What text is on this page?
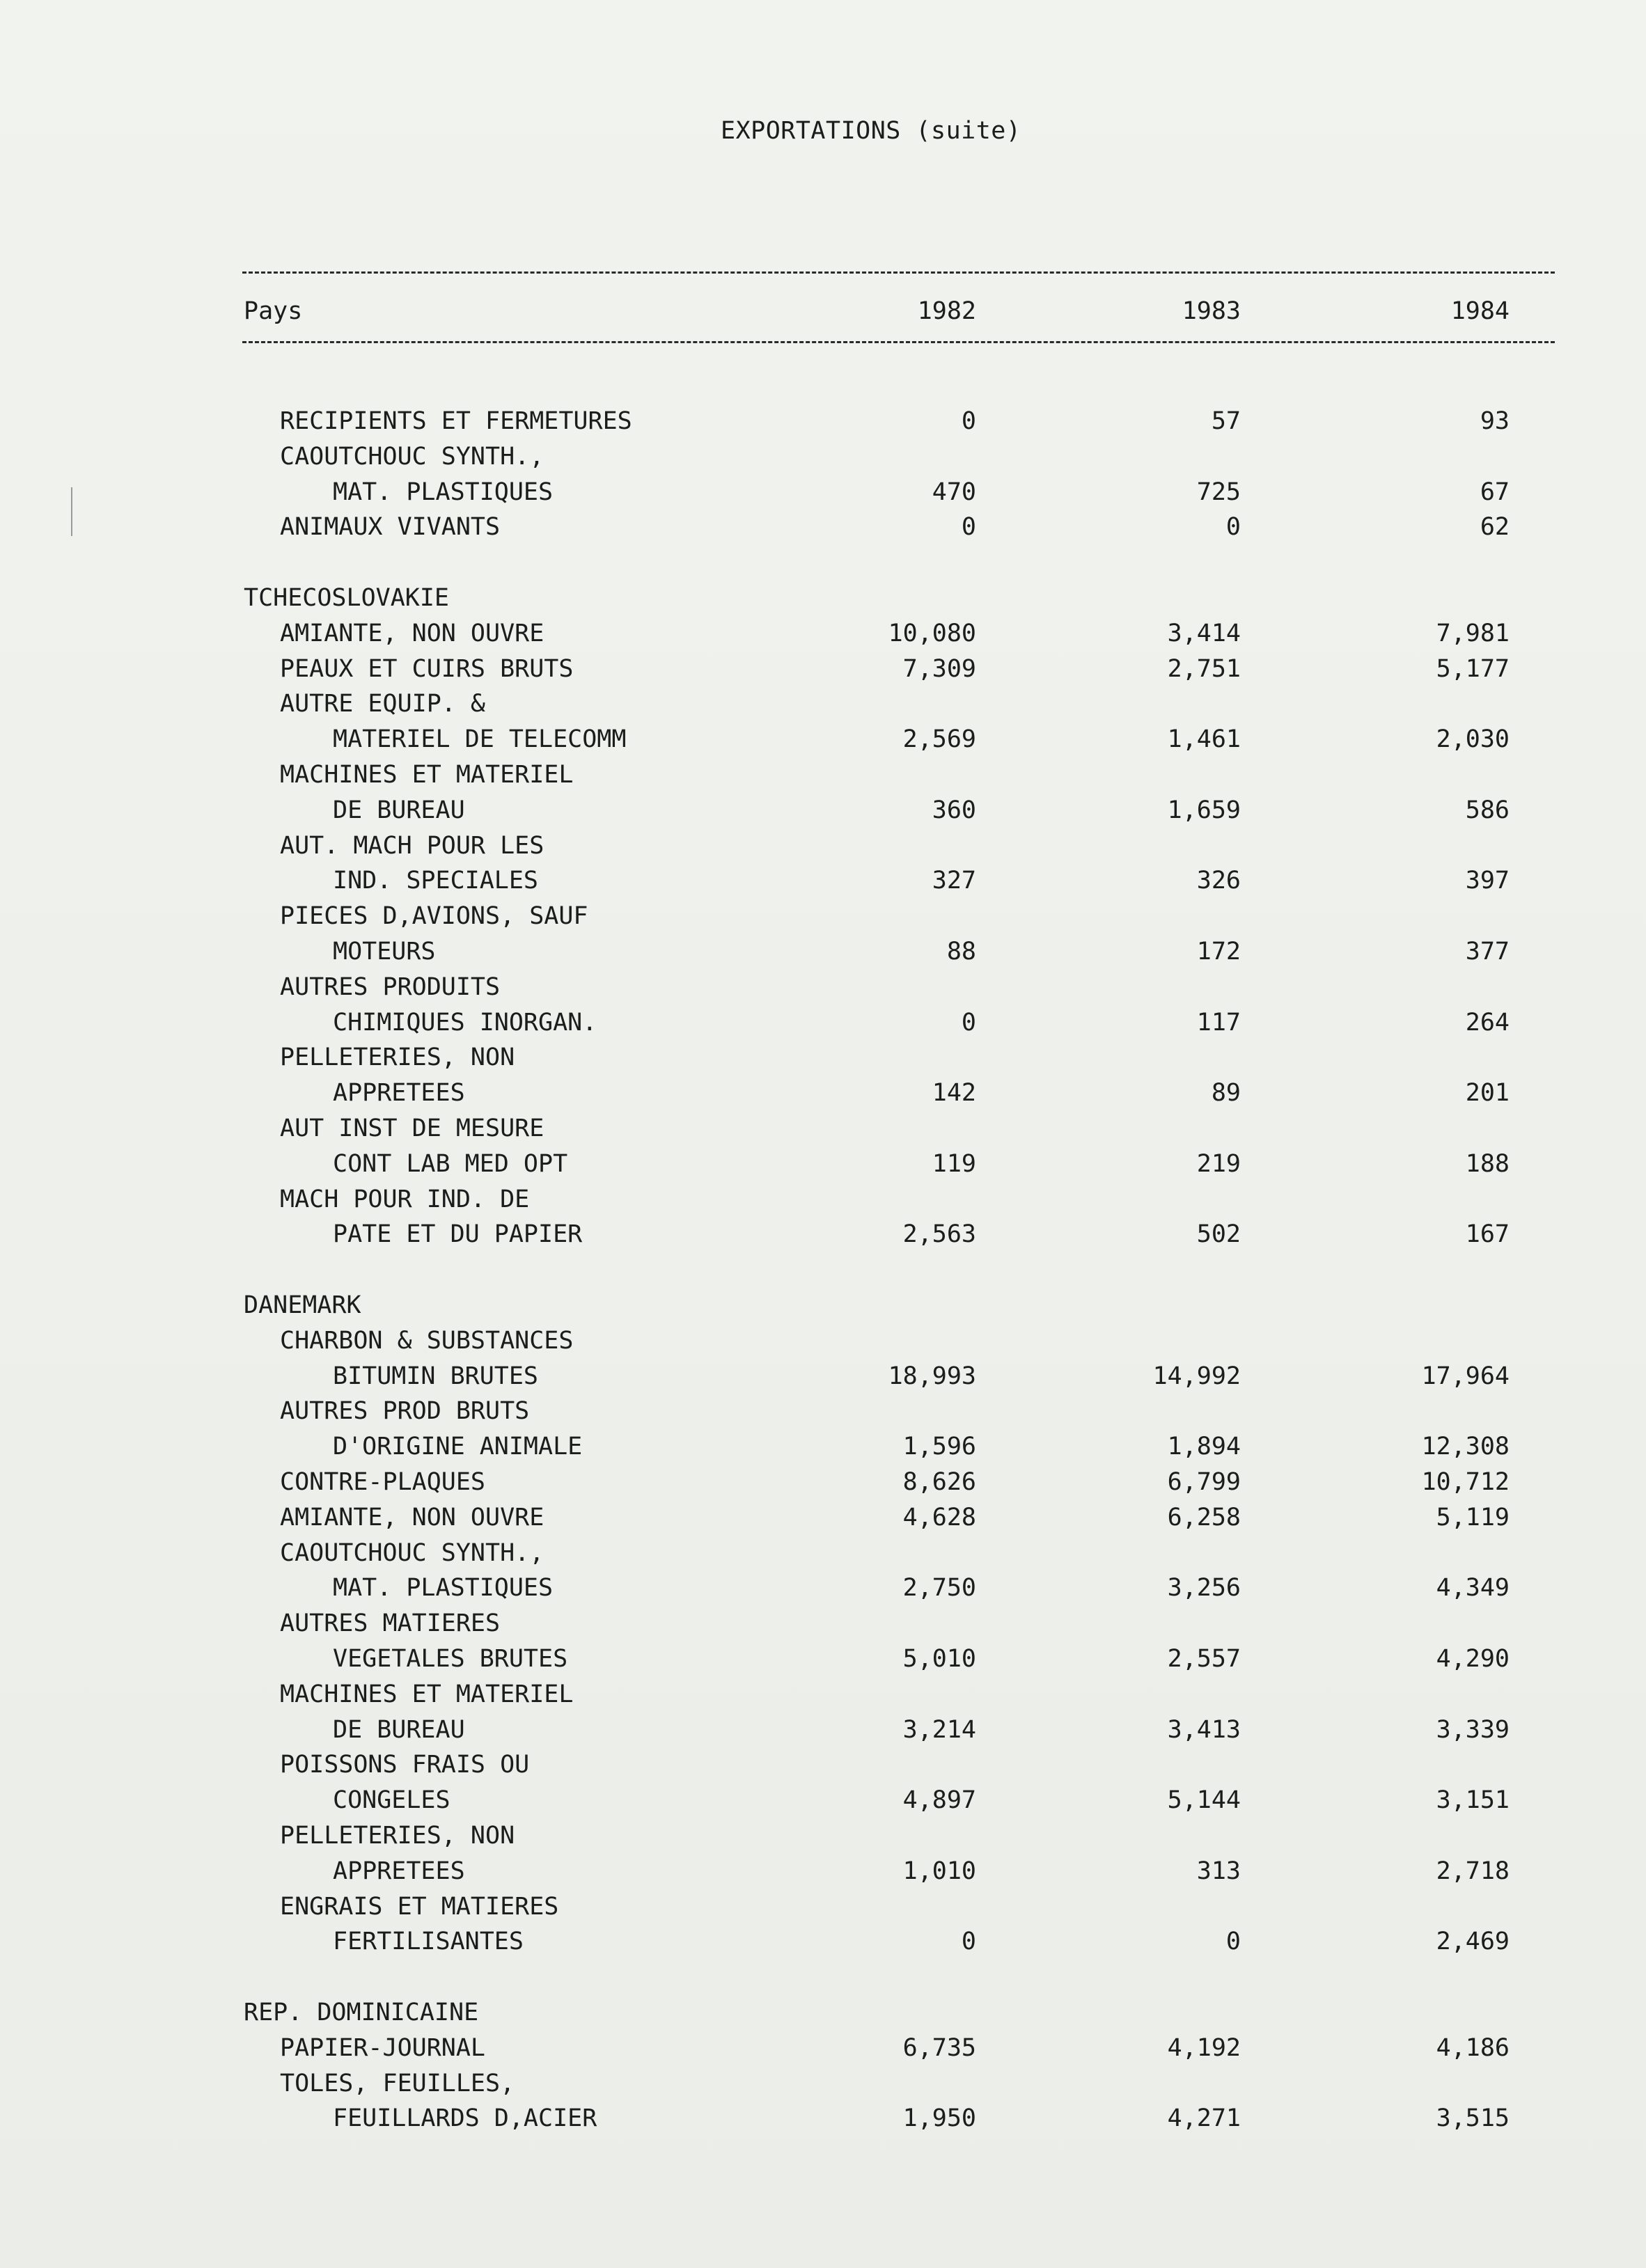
EXPORTATIONS (suite)
Pays	1982	1983	1984
RECIPIENTS ET FERMETURES	0	57	93
CAOUTCHOUC SYNTH.,
MAT. PLASTIQUES	470	725	67
ANIMAUX VIVANTS	0	0	62
TCHECOSLOVAKIE
AMIANTE, NON OUVRE	10,080	3,414	7,981
PEAUX ET CUIRS BRUTS	7,309	2,751	5,177
AUTRE EQUIP. &
MATERIEL DE TELECOMM	2,569	1,461	2,030
MACHINES ET MATERIEL
DE BUREAU	360	1,659	586
AUT. MACH POUR LES
IND. SPECIALES	327	326	397
PIECES D,AVIONS, SAUF
MOTEURS	88	172	377
AUTRES PRODUITS
CHIMIQUES INORGAN.	0	117	264
PELLETERIES, NON
APPRETEES	142	89	201
AUT INST DE MESURE
CONT LAB MED OPT	119	219	188
MACH POUR IND. DE
PATE ET DU PAPIER	2,563	502	167
DANEMARK
CHARBON & SUBSTANCES
BITUMIN BRUTES	18,993	14,992	17,964
AUTRES PROD BRUTS
D'ORIGINE ANIMALE	1,596	1,894	12,308
CONTRE-PLAQUES	8,626	6,799	10,712
AMIANTE, NON OUVRE	4,628	6,258	5,119
CAOUTCHOUC SYNTH.,
MAT. PLASTIQUES	2,750	3,256	4,349
AUTRES MATIERES
VEGETALES BRUTES	5,010	2,557	4,290
MACHINES ET MATERIEL
DE BUREAU	3,214	3,413	3,339
POISSONS FRAIS OU
CONGELES	4,897	5,144	3,151
PELLETERIES, NON
APPRETEES	1,010	313	2,718
ENGRAIS ET MATIERES
FERTILISANTES	0	0	2,469
REP. DOMINICAINE
PAPIER-JOURNAL	6,735	4,192	4,186
TOLES, FEUILLES,
FEUILLARDS D,ACIER	1,950	4,271	3,515
